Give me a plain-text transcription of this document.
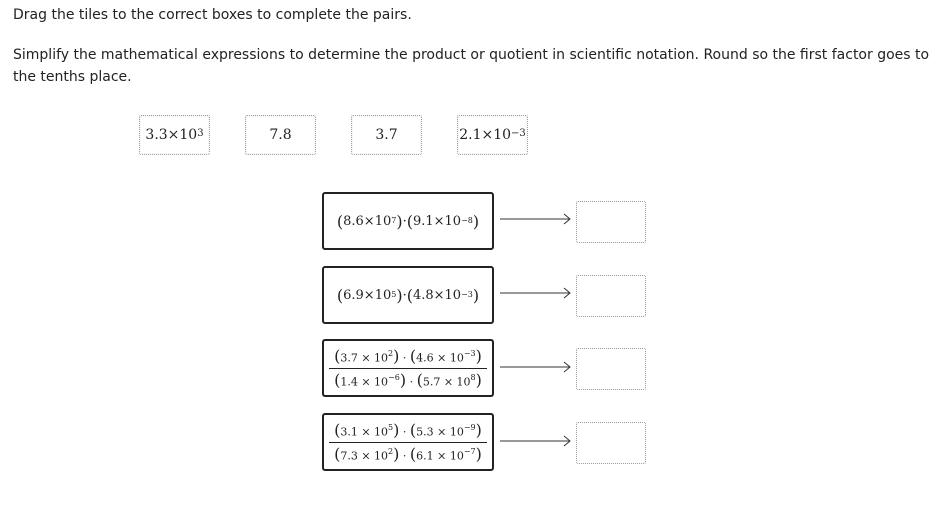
Drag the tiles to the correct boxes to complete the pairs.
Simplify the mathematical expressions to determine the product or quotient in scientific notation. Round so the first factor goes to the tenths place.
$3.3\times 10^3$	7.8	3.7	$2.1\times 10^{-3}$
( $8.6\times 10^7$ ) · ( $9.1\times 10^{-8}$ )
( $6.9\times 10^5$ ) · ( $4.8\times 10^{-3}$ )
$(3.7 \times 10^2) \cdot (4.6 \times 10^{-3})$
$(1.4 \times 10^{-6}) \cdot (5.7 \times 10^8)$
$(3.1 \times 10^5) \cdot (5.3 \times 10^{-9})$
$(7.3 \times 10^2) \cdot (6.1 \times 10^{-7})$
